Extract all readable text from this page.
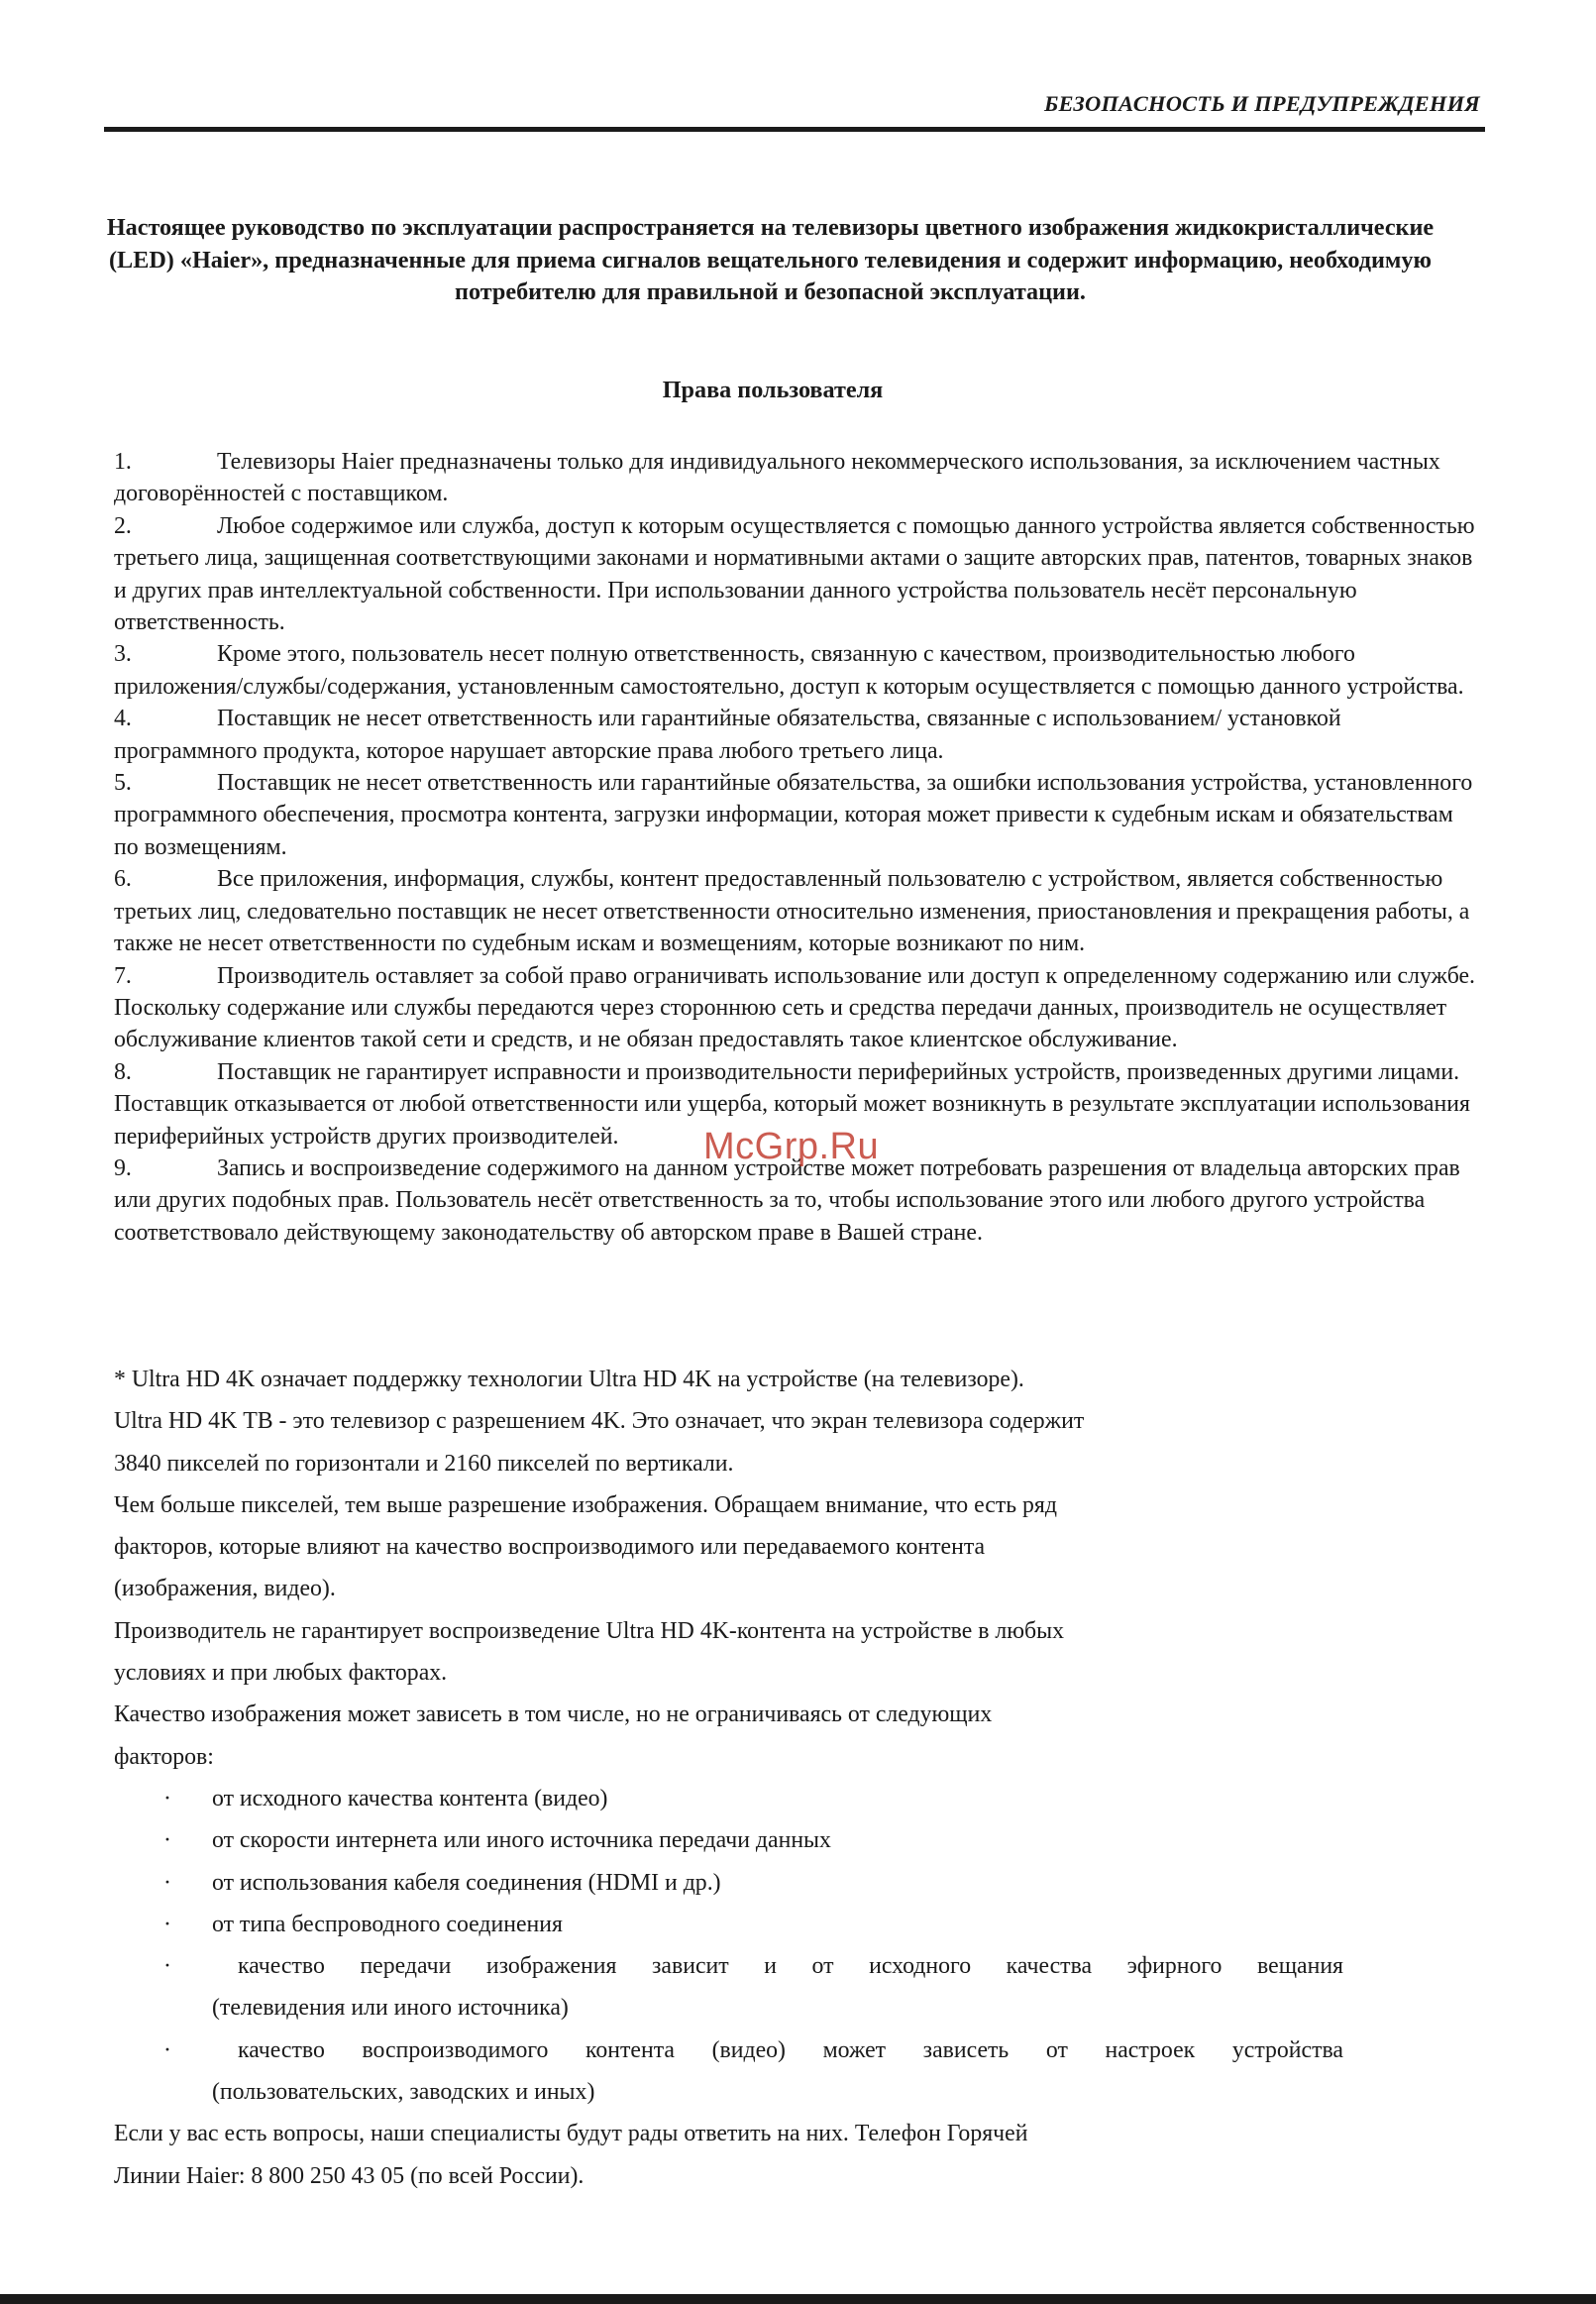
БЕЗОПАСНОСТЬ И ПРЕДУПРЕЖДЕНИЯ
Настоящее руководство по эксплуатации распространяется на телевизоры цветного изображения жидкокристаллические (LED) «Haier», предназначенные для приема сигналов вещательного телевидения и содержит информацию, необходимую потребителю для правильной и безопасной эксплуатации.
Права пользователя

1.	Телевизоры Haier предназначены только для индивидуального некоммерческого использования, за исключением частных договорённостей с поставщиком.

2.	Любое содержимое или служба, доступ к которым осуществляется с помощью данного устройства является собственностью третьего лица, защищенная соответствующими законами и нормативными актами о защите авторских прав, патентов, товарных знаков и других прав интеллектуальной собственности. При использовании данного устройства пользователь несёт персональную ответственность.

3.	Кроме этого, пользователь несет полную ответственность, связанную с качеством, производительностью любого приложения/службы/содержания, установленным самостоятельно, доступ к которым осуществляется с помощью данного устройства.

4.	Поставщик не несет ответственность или гарантийные обязательства, связанные с использованием/ установкой программного продукта, которое нарушает авторские права любого третьего лица.

5.	Поставщик не несет ответственность или гарантийные обязательства, за ошибки использования устройства, установленного программного обеспечения, просмотра контента, загрузки информации, которая может привести к судебным искам и обязательствам по возмещениям.

6.	Все приложения, информация, службы, контент предоставленный пользователю с устройством, является собственностью третьих лиц, следовательно поставщик не несет ответственности относительно изменения, приостановления и прекращения работы, а также не несет ответственности по судебным искам и возмещениям, которые возникают по ним.

7.	Производитель оставляет за собой право ограничивать использование или доступ к определенному содержанию или службе. Поскольку содержание или службы передаются через стороннюю сеть и средства передачи данных, производитель не осуществляет обслуживание клиентов такой сети и средств, и не обязан предоставлять такое клиентское обслуживание.

8.	Поставщик не гарантирует исправности и производительности периферийных устройств, произведенных другими лицами. Поставщик отказывается от любой ответственности или ущерба, который может возникнуть в результате эксплуатации использования периферийных устройств других производителей.

9.	Запись и воспроизведение содержимого на данном устройстве может потребовать разрешения от владельца авторских прав или других подобных прав. Пользователь несёт ответственность за то, чтобы использование этого или любого другого устройства соответствовало действующему законодательству об авторском праве в Вашей стране.

* Ultra HD 4K означает поддержку технологии Ultra HD 4K на устройстве (на телевизоре).

Ultra HD 4K ТВ - это телевизор с разрешением 4K. Это означает, что экран телевизора содержит

3840 пикселей по горизонтали и 2160 пикселей по вертикали.

Чем больше пикселей, тем выше разрешение изображения. Обращаем внимание, что есть ряд

факторов, которые влияют на качество воспроизводимого или передаваемого контента

(изображения, видео).

Производитель не гарантирует воспроизведение Ultra HD 4K-контента на устройстве в любых

условиях и при любых факторах.

Качество изображения может зависеть в том числе, но не ограничиваясь от следующих

факторов:

· от исходного качества контента (видео)
· от скорости интернета или иного источника передачи данных
· от использования кабеля соединения (HDMI и др.)
· от типа беспроводного соединения
·	качество передачи изображения зависит и от исходного качества эфирного вещания
(телевидения или иного источника)
·	качество воспроизводимого контента (видео) может зависеть от настроек устройства
(пользовательских, заводских и иных)

Если у вас есть вопросы, наши специалисты будут рады ответить на них. Телефон Горячей

Линии Haier: 8 800 250 43 05 (по всей России).

McGrp.Ru
